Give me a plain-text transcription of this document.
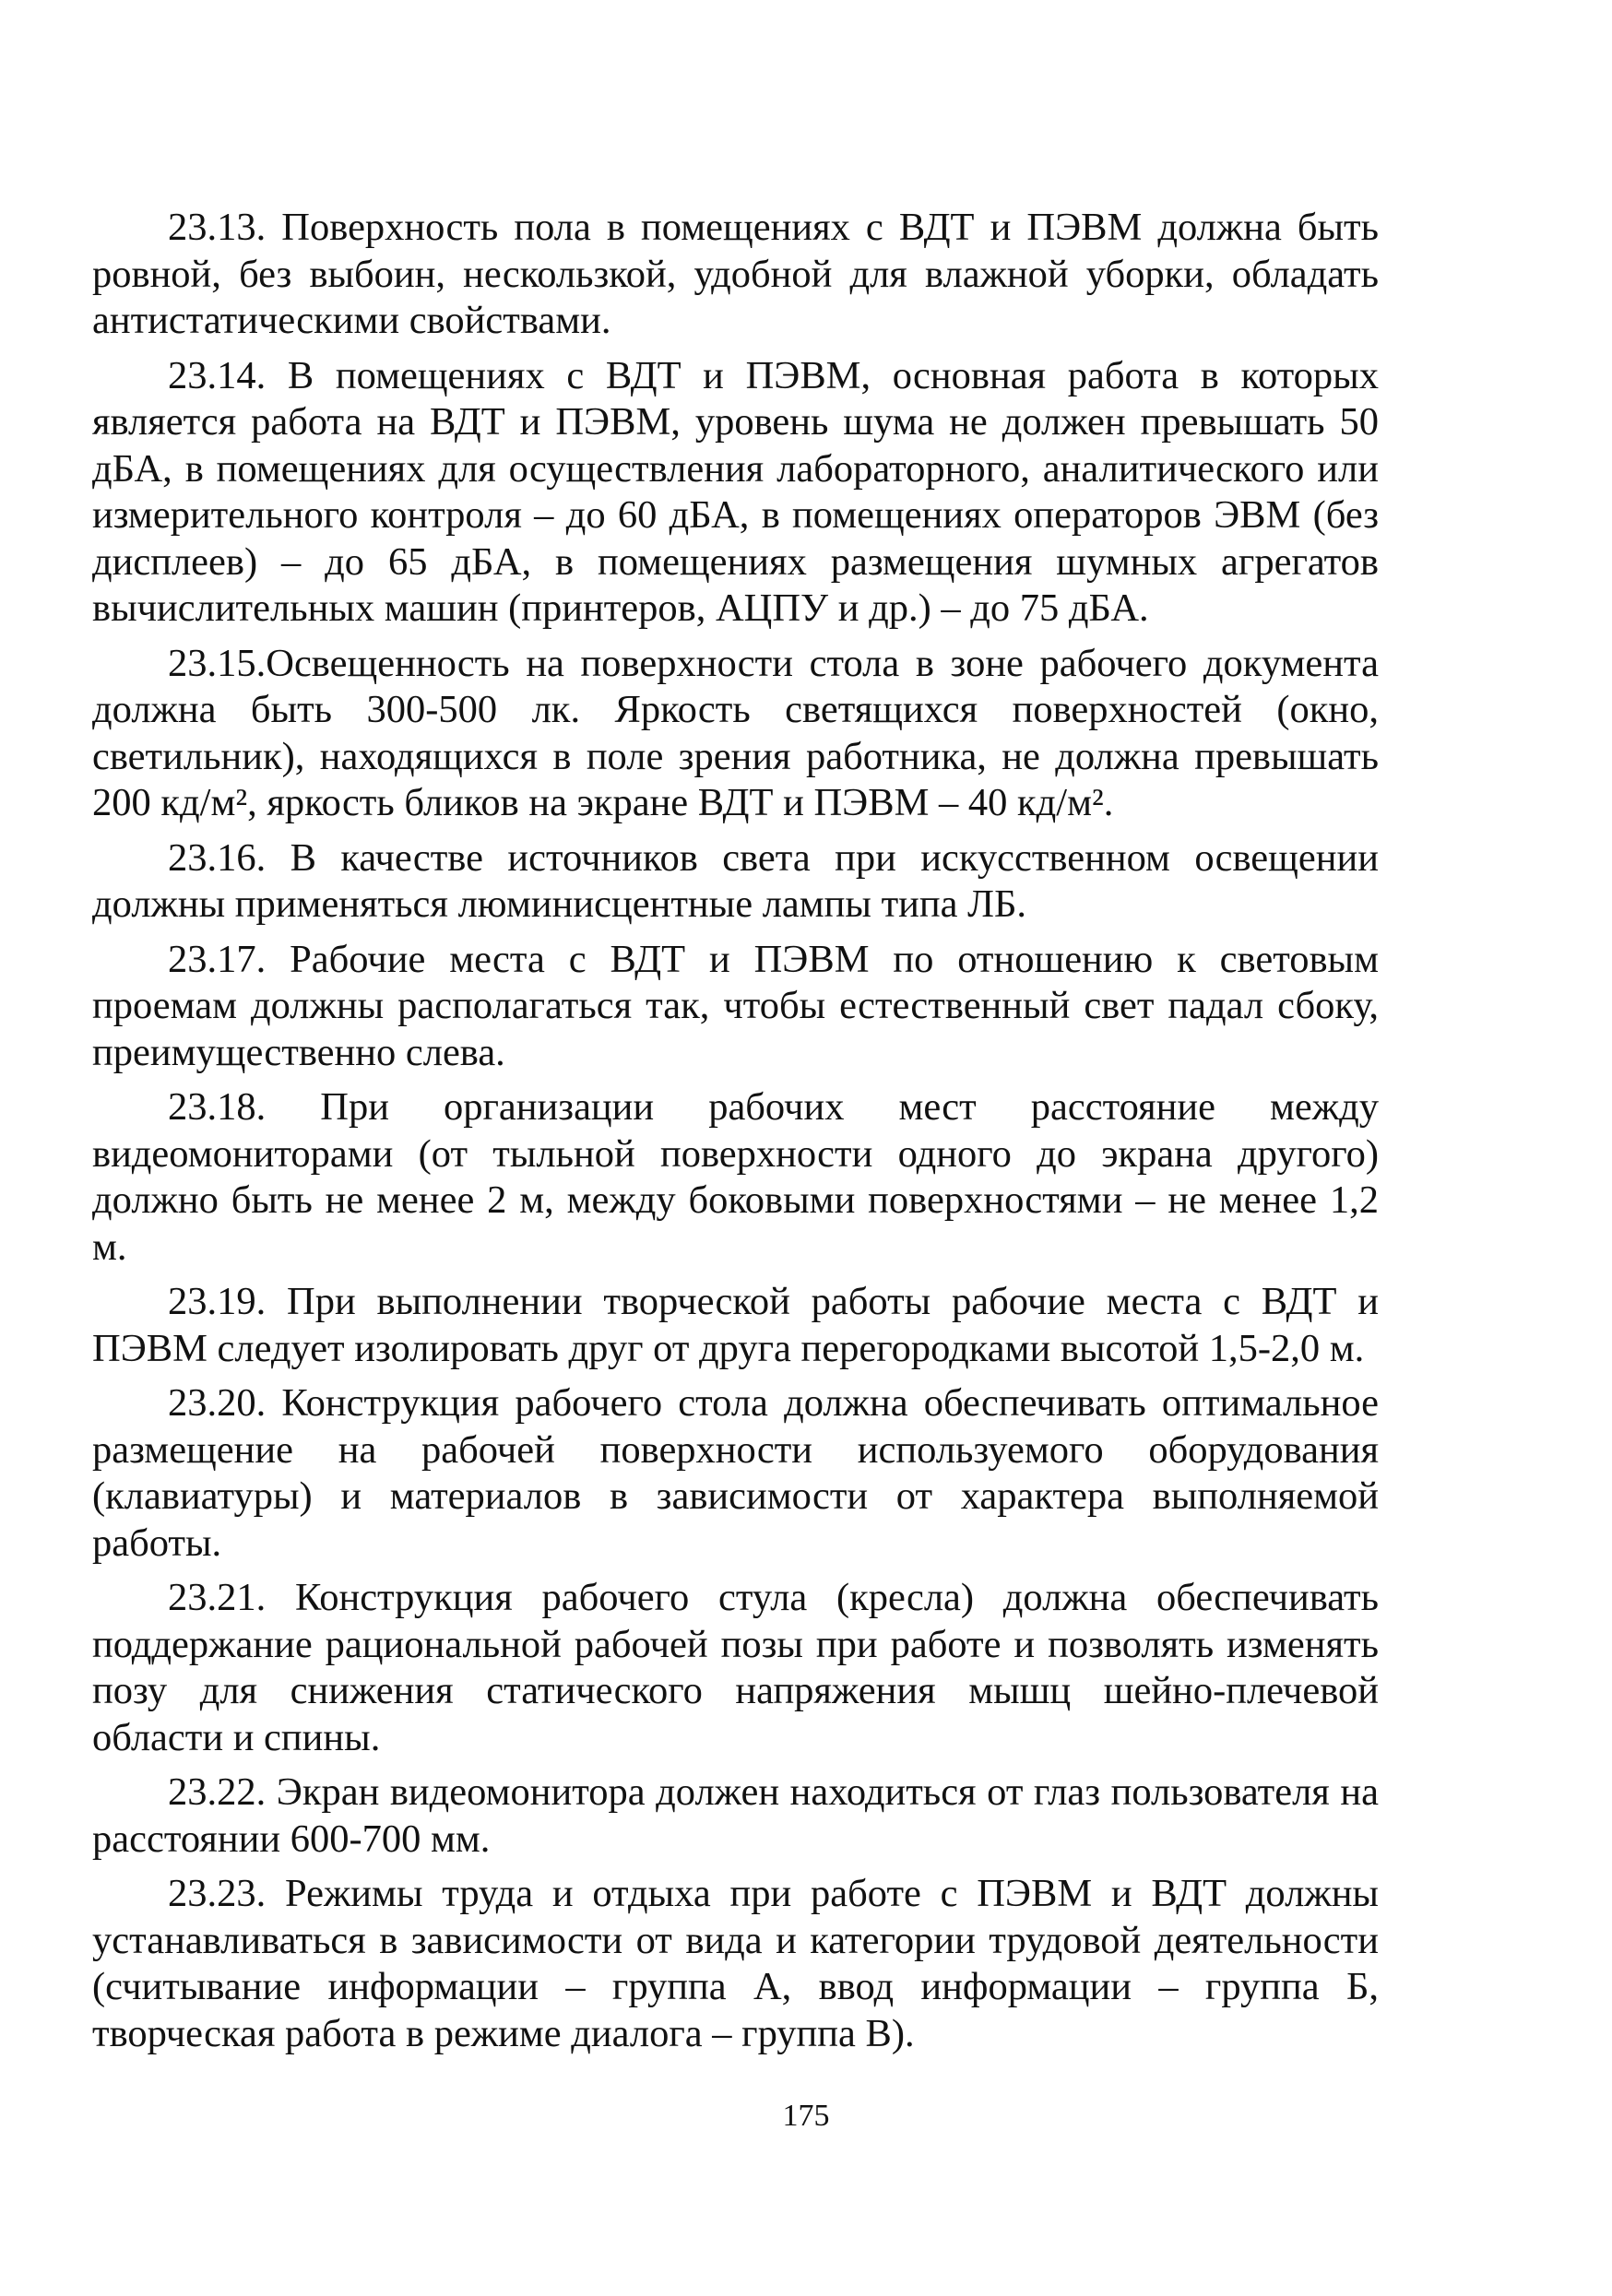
23.13. Поверхность пола в помещениях с ВДТ и ПЭВМ должна быть ровной, без выбоин, нескользкой, удобной для влажной уборки, обладать антистатическими свойствами.

23.14. В помещениях с ВДТ и ПЭВМ, основная работа в которых является работа на ВДТ и ПЭВМ, уровень шума не должен превышать 50 дБА, в помещениях для осуществления лабораторного, аналитического или измерительного контроля – до 60 дБА, в помещениях операторов ЭВМ (без дисплеев) – до 65 дБА, в помещениях размещения шумных агрегатов вычислительных машин (принтеров, АЦПУ и др.) – до 75 дБА.

23.15.Освещенность на поверхности стола в зоне рабочего документа должна быть 300-500 лк. Яркость светящихся поверхностей (окно, светильник), находящихся в поле зрения работника, не должна превышать 200 кд/м², яркость бликов на экране ВДТ и ПЭВМ – 40 кд/м².

23.16. В качестве источников света при искусственном освещении должны применяться люминисцентные лампы типа ЛБ.

23.17. Рабочие места с ВДТ и ПЭВМ по отношению к световым проемам должны располагаться так, чтобы естественный свет падал сбоку, преимущественно слева.

23.18. При организации рабочих мест расстояние между видеомониторами (от тыльной поверхности одного до экрана другого) должно быть не менее 2 м, между боковыми поверхностями – не менее 1,2 м.

23.19. При выполнении творческой работы рабочие места с ВДТ и ПЭВМ следует изолировать друг от друга перегородками высотой 1,5-2,0 м.

23.20. Конструкция рабочего стола должна обеспечивать оптимальное размещение на рабочей поверхности используемого оборудования (клавиатуры) и материалов в зависимости от характера выполняемой работы.

23.21. Конструкция рабочего стула (кресла) должна обеспечивать поддержание рациональной рабочей позы при работе и позволять изменять позу для снижения статического напряжения мышц шейно-плечевой области и спины.

23.22. Экран видеомонитора должен находиться от глаз пользователя на расстоянии 600-700 мм.

23.23. Режимы труда и отдыха при работе с ПЭВМ и ВДТ должны устанавливаться в зависимости от вида и категории трудовой деятельности (считывание информации – группа А, ввод информации – группа Б, творческая работа в режиме диалога – группа В).

175
